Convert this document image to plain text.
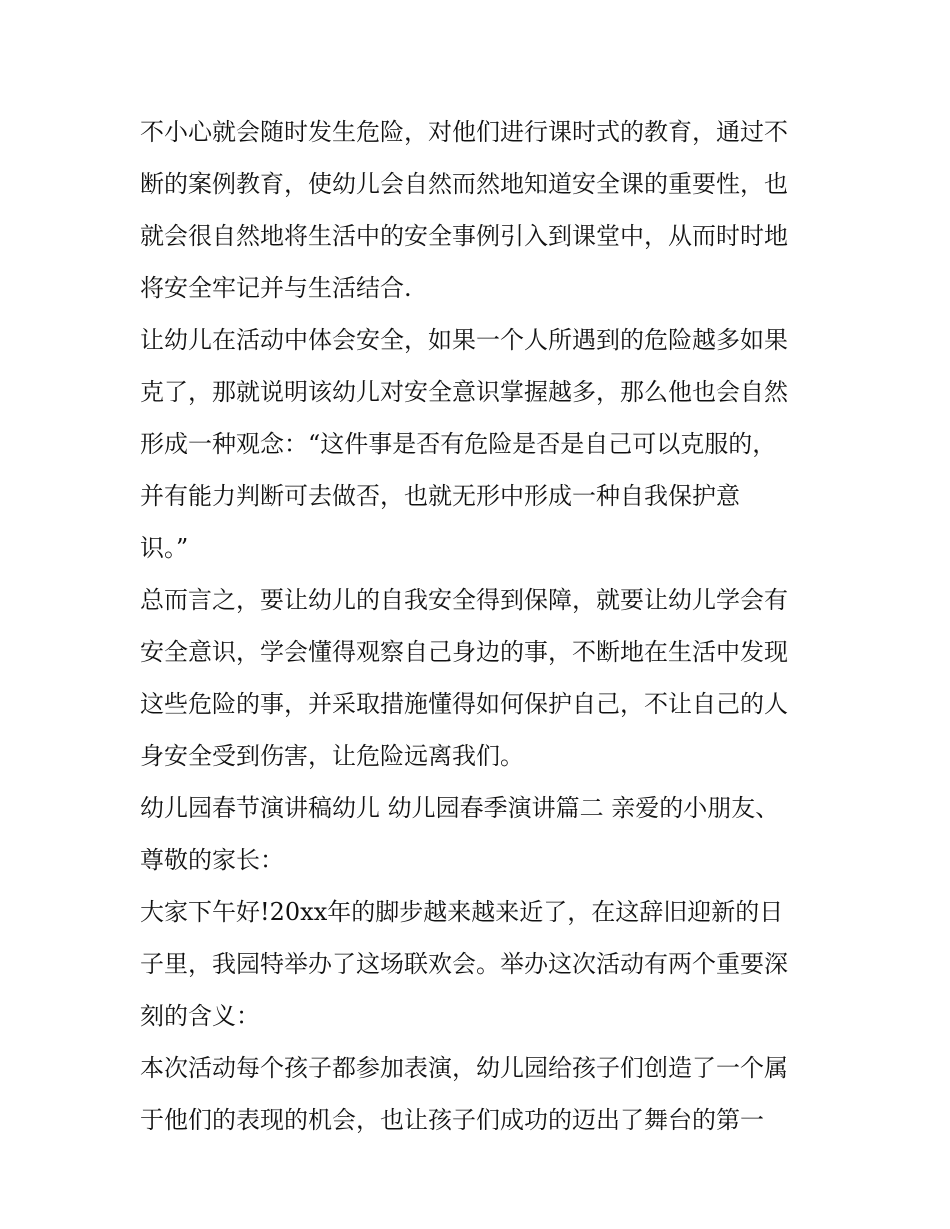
不小心就会随时发生危险，对他们进行课时式的教育，通过不
断的案例教育，使幼儿会自然而然地知道安全课的重要性，也
就会很自然地将生活中的安全事例引入到课堂中，从而时时地
将安全牢记并与生活结合.
让幼儿在活动中体会安全，如果一个人所遇到的危险越多如果
克了，那就说明该幼儿对安全意识掌握越多，那么他也会自然
形成一种观念：“这件事是否有危险是否是自己可以克服的，
并有能力判断可去做否，也就无形中形成一种自我保护意
识。”
总而言之，要让幼儿的自我安全得到保障，就要让幼儿学会有
安全意识，学会懂得观察自己身边的事，不断地在生活中发现
这些危险的事，并采取措施懂得如何保护自己，不让自己的人
身安全受到伤害，让危险远离我们。
幼儿园春节演讲稿幼儿 幼儿园春季演讲篇二 亲爱的小朋友、
尊敬的家长：
大家下午好!20xx年的脚步越来越来近了，在这辞旧迎新的日
子里，我园特举办了这场联欢会。举办这次活动有两个重要深
刻的含义：
本次活动每个孩子都参加表演，幼儿园给孩子们创造了一个属
于他们的表现的机会，也让孩子们成功的迈出了舞台的第一
